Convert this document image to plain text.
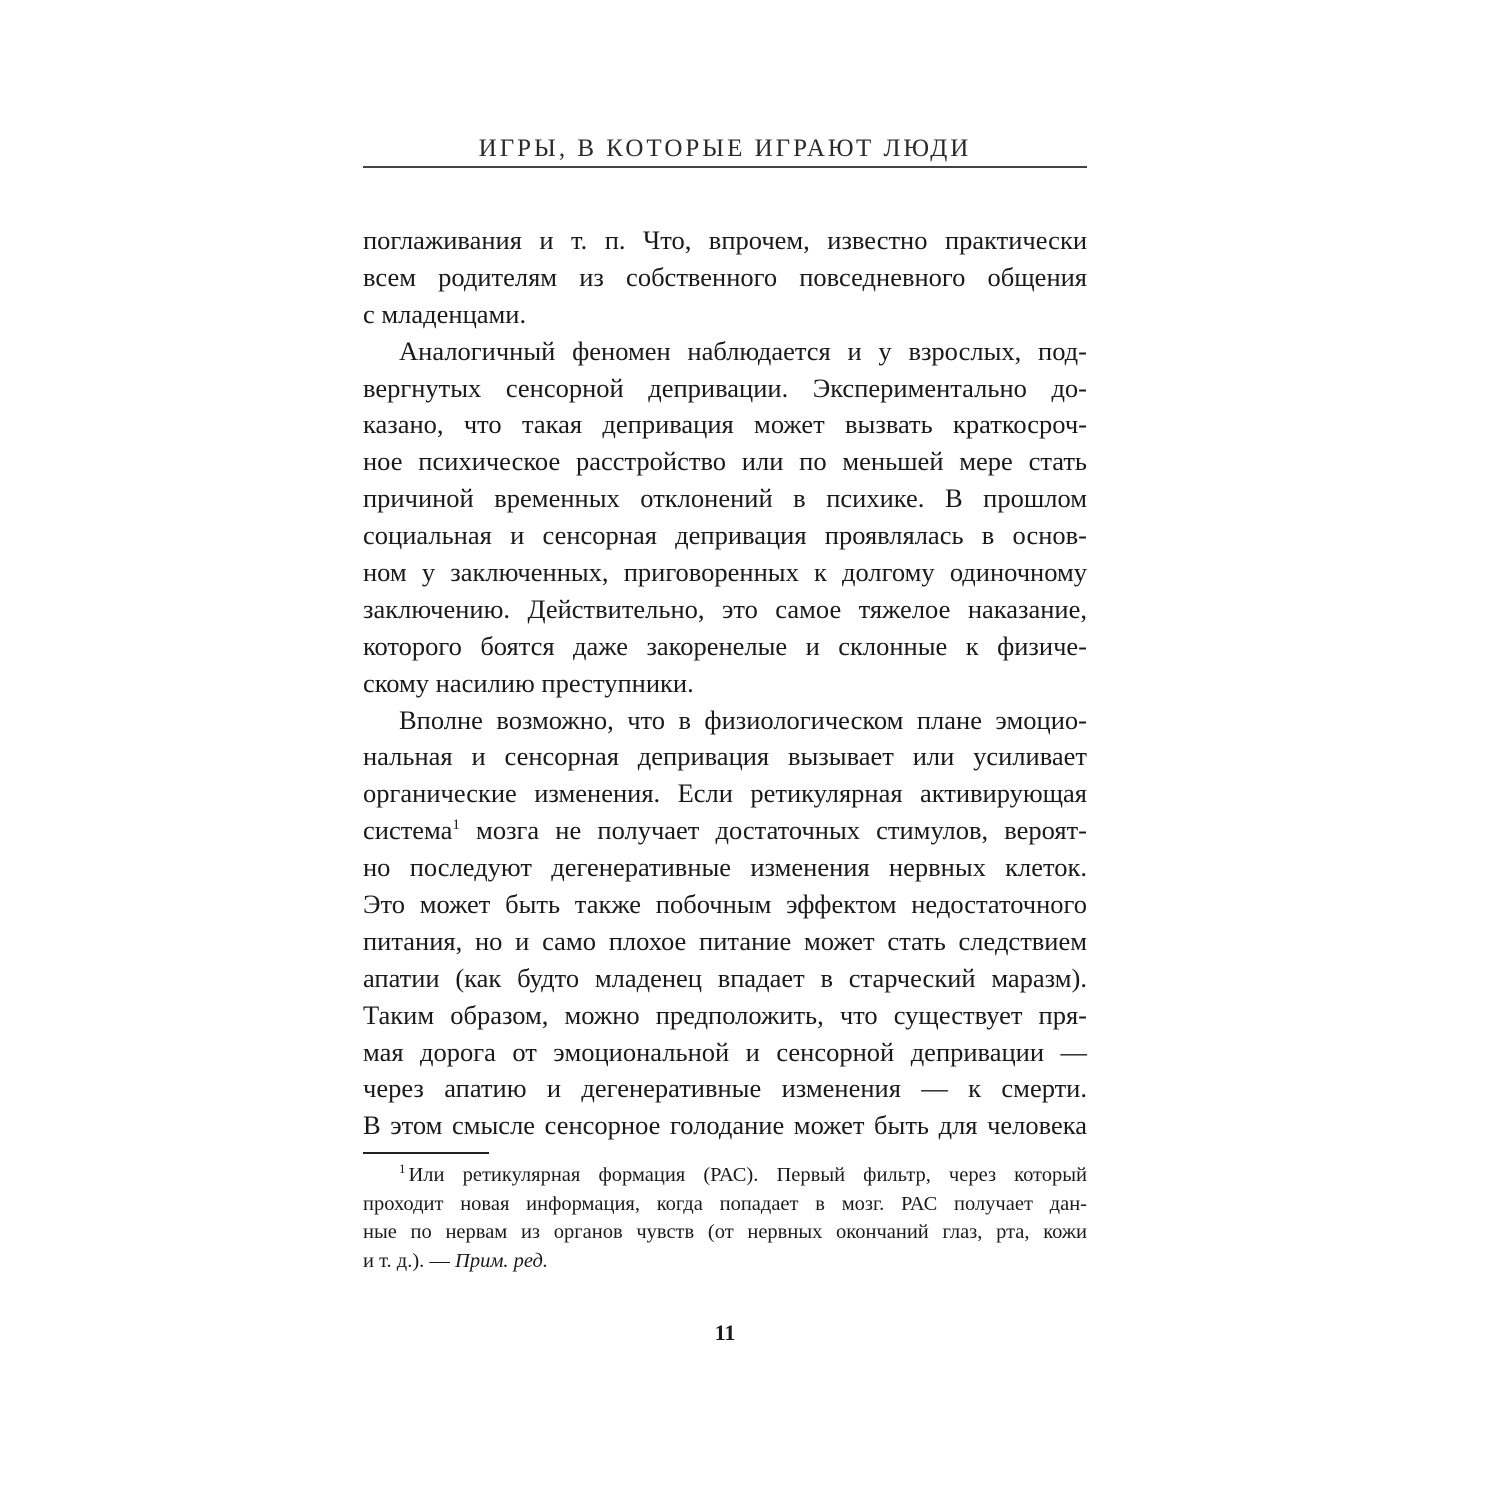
ИГРЫ, В КОТОРЫЕ ИГРАЮТ ЛЮДИ
поглаживания и т. п. Что, впрочем, известно практически
всем родителям из собственного повседневного общения
с младенцами.
Аналогичный феномен наблюдается и у взрослых, под-
вергнутых сенсорной депривации. Экспериментально до-
казано, что такая депривация может вызвать краткосроч-
ное психическое расстройство или по меньшей мере стать
причиной временных отклонений в психике. В прошлом
социальная и сенсорная депривация проявлялась в основ-
ном у заключенных, приговоренных к долгому одиночному
заключению. Действительно, это самое тяжелое наказание,
которого боятся даже закоренелые и склонные к физиче-
скому насилию преступники.
Вполне возможно, что в физиологическом плане эмоцио-
нальная и сенсорная депривация вызывает или усиливает
органические изменения. Если ретикулярная активирующая
система$^1$ мозга не получает достаточных стимулов, вероят-
но последуют дегенеративные изменения нервных клеток.
Это может быть также побочным эффектом недостаточного
питания, но и само плохое питание может стать следствием
апатии (как будто младенец впадает в старческий маразм).
Таким образом, можно предположить, что существует пря-
мая дорога от эмоциональной и сенсорной депривации —
через апатию и дегенеративные изменения — к смерти.
В этом смысле сенсорное голодание может быть для человека
$^1$ Или ретикулярная формация (РАС). Первый фильтр, через который
проходит новая информация, когда попадает в мозг. РАС получает дан-
ные по нервам из органов чувств (от нервных окончаний глаз, рта, кожи
и т. д.). — Прим. ред.
11
